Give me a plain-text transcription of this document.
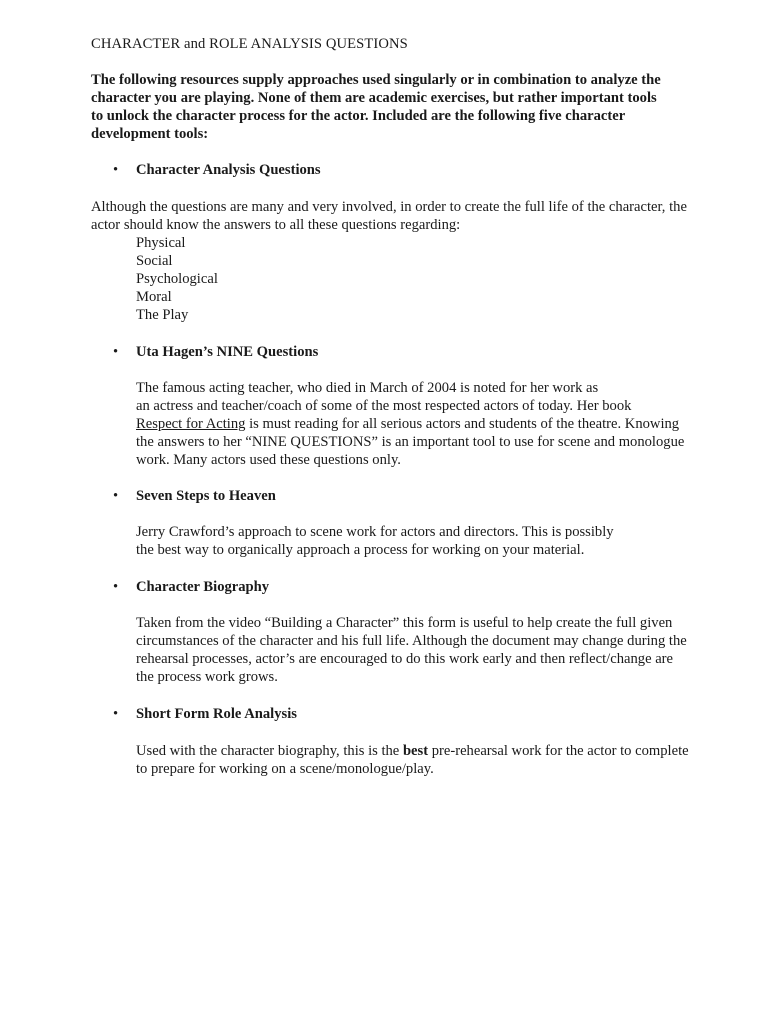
CHARACTER and ROLE ANALYSIS QUESTIONS
The following resources supply approaches used singularly or in combination to analyze the
character you are playing. None of them are academic exercises, but rather important tools
to unlock the character process for the actor. Included are the following five character
development tools:
• Character Analysis Questions
Although the questions are many and very involved, in order to create the full life of the character, the
actor should know the answers to all these questions regarding:
Physical
Social
Psychological
Moral
The Play
• Uta Hagen’s NINE Questions
The famous acting teacher, who died in March of 2004 is noted for her work as
an actress and teacher/coach of some of the most respected actors of today. Her book
Respect for Acting is must reading for all serious actors and students of the theatre. Knowing
the answers to her “NINE QUESTIONS” is an important tool to use for scene and monologue
work. Many actors used these questions only.
• Seven Steps to Heaven
Jerry Crawford’s approach to scene work for actors and directors. This is possibly
the best way to organically approach a process for working on your material.
• Character Biography
Taken from the video “Building a Character” this form is useful to help create the full given
circumstances of the character and his full life. Although the document may change during the
rehearsal processes, actor’s are encouraged to do this work early and then reflect/change are
the process work grows.
• Short Form Role Analysis
Used with the character biography, this is the best pre-rehearsal work for the actor to complete
to prepare for working on a scene/monologue/play.
